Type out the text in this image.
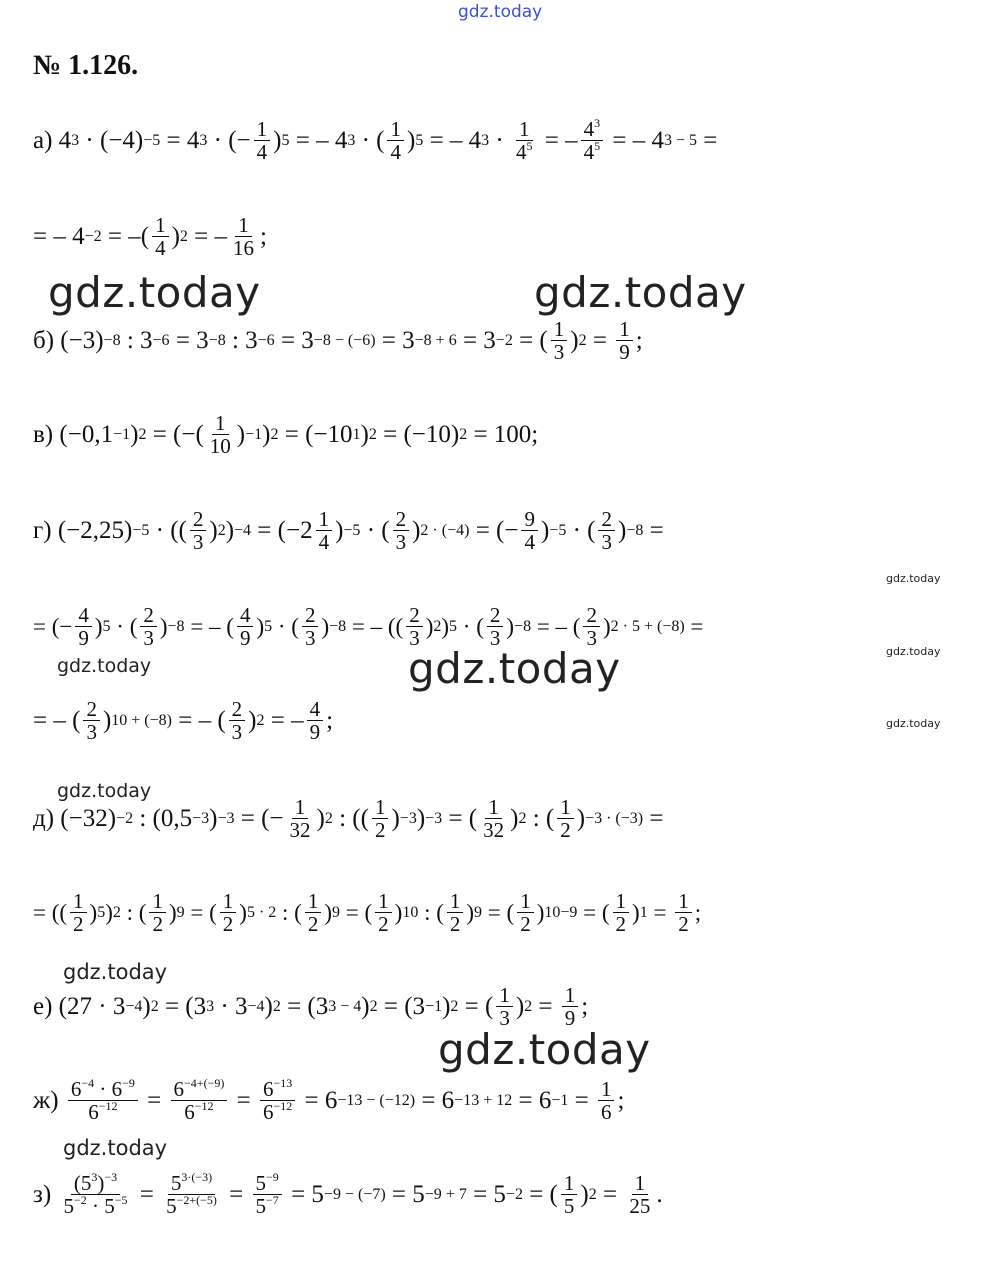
gdz.today
gdz.today	gdz.today
gdz.today
gdz.today
gdz.today
gdz.today	gdz.today
gdz.today
gdz.today
gdz.today
gdz.today
№ 1.126.
а) 4 3 · (−4) −5 = 4 3 · (− $\frac{1}{4}$ ) 5 = – 4 3 · ( $\frac{1}{4}$ ) 5 = – 4 $3 \cdot \frac{1}{4^5}$ = – $\frac{4^3}{4^5}$ = – 4 3 − 5 =
= – 4 −2 = –( $\frac{1}{4}$ ) 2 = – $\frac{1}{16}$ ;
б) (−3) −8 : 3 −6 = 3 −8 : 3 −6 = 3 −8 − (−6) = 3 −8 + 6 = 3 −2 = ( $\frac{1}{3}$ ) $2 = \frac{1}{9}$ ;
в) (−0,1 −1 ) 2 = (−( $\frac{1}{10}$ ) −1 ) 2 = (−10 1 ) 2 = (−10) 2 = 100;
г) (−2,25) −5 · (( $\frac{2}{3}$ ) 2 ) $-4 = (-2 \frac{1}{4}$ ) −5 · ( $\frac{2}{3}$ ) 2 · (−4) = (− $\frac{9}{4}$ ) −5 · ( $\frac{2}{3}$ ) −8 =
= (− $\frac{4}{9}$ ) 5 · ( $\frac{2}{3}$ ) −8 = – ( $\frac{4}{9}$ ) 5 · ( $\frac{2}{3}$ ) −8 = – (( $\frac{2}{3}$ ) 2 ) 5 · ( $\frac{2}{3}$ ) −8 = – ( $\frac{2}{3}$ ) 2 · 5 + (−8) =
= – ( $\frac{2}{3}$ ) 10 + (−8) = – ( $\frac{2}{3}$ ) 2 = – $\frac{4}{9}$ ;
д) (−32) −2 : (0,5 −3 ) −3 = (− $\frac{1}{32}$ ) 2 : (( $\frac{1}{2}$ ) −3 ) −3 = ( $\frac{1}{32}$ ) 2 : ( $\frac{1}{2}$ ) −3 · (−3) =
= (( $\frac{1}{2}$ ) 5 ) 2 : ( $\frac{1}{2}$ ) 9 = ( $\frac{1}{2}$ ) 5 · 2 : ( $\frac{1}{2}$ ) 9 = ( $\frac{1}{2}$ ) 10 : ( $\frac{1}{2}$ ) 9 = ( $\frac{1}{2}$ ) 10−9 = ( $\frac{1}{2}$ ) $1 = \frac{1}{2}$ ;
е) (27 · 3 −4 ) 2 = (3 3 · 3 −4 ) 2 = (3 3 − 4 ) 2 = (3 −1 ) 2 = ( $\frac{1}{3}$ ) $2 = \frac{1}{9}$ ;
$ж) \frac{6^{-4} \cdot 6^{-9}}{6^{-12}} = \frac{6^{-4+(-9)}}{6^{-12}} = \frac{6^{-13}}{6^{-12}} = 6 -13 - (-12) = 6 -13 + 12 = 6 -1 = \frac{1}{6}$ ;
$з) \frac{(5^3)^{-3}}{5^{-2} \cdot 5^{-5}} = \frac{5^{3\cdot(-3)}}{5^{-2+(-5)}} = \frac{5^{-9}}{5^{-7}} = 5 -9 - (-7) = 5 -9 + 7 = 5 -2$ = ( $\frac{1}{5}$ ) $2 = \frac{1}{25}$ .
